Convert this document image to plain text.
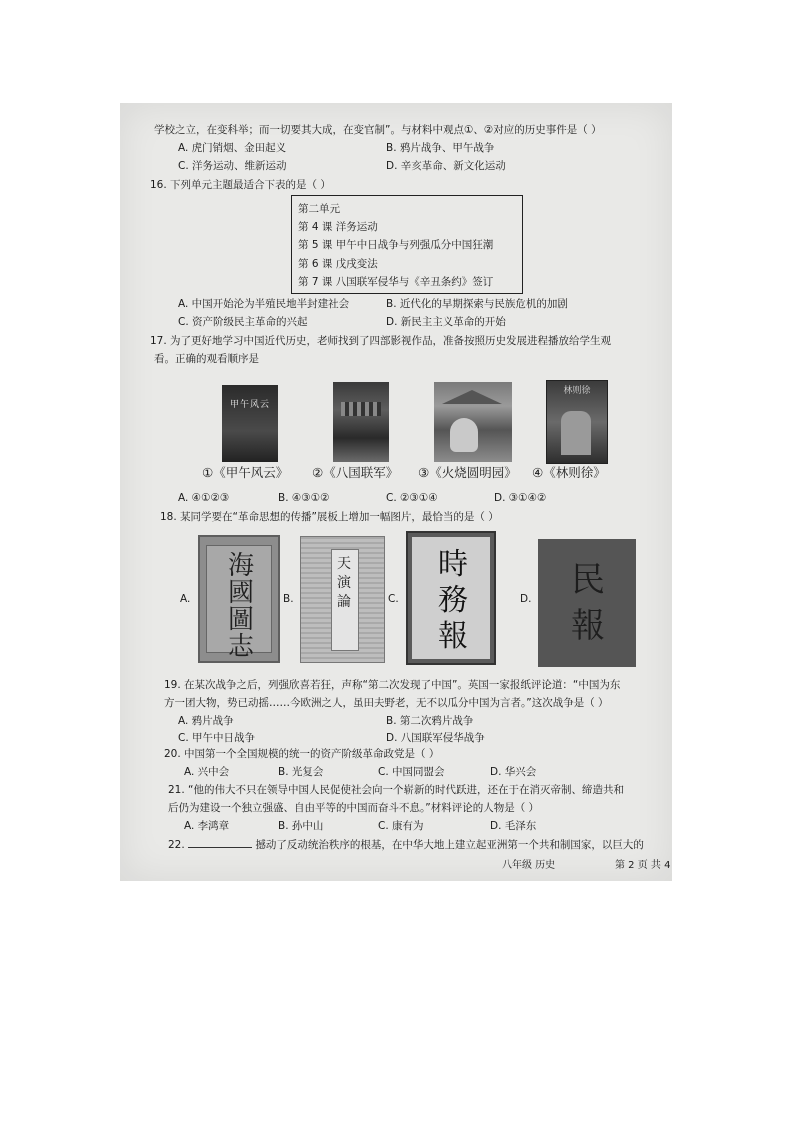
学校之立，在变科举；而一切要其大成，在变官制”。与材料中观点①、②对应的历史事件是（ ）
A. 虎门销烟、金田起义	B. 鸦片战争、甲午战争
C. 洋务运动、维新运动	D. 辛亥革命、新文化运动
16. 下列单元主题最适合下表的是（ ）
第二单元
第 4 课 洋务运动
第 5 课 甲午中日战争与列强瓜分中国狂潮
第 6 课 戊戌变法
第 7 课 八国联军侵华与《辛丑条约》签订
A. 中国开始沦为半殖民地半封建社会	B. 近代化的早期探索与民族危机的加剧
C. 资产阶级民主革命的兴起	D. 新民主主义革命的开始
17. 为了更好地学习中国近代历史，老师找到了四部影视作品，准备按照历史发展进程播放给学生观
看。正确的观看顺序是
甲午风云
林则徐
①《甲午风云》 ②《八国联军》 ③《火烧圆明园》 ④《林则徐》
A. ④①②③	B. ④③①②	C. ②③①④	D. ③①④②
18. 某同学要在“革命思想的传播”展板上增加一幅图片，最恰当的是（ ）
A.
海國圖志
B.
天演論	C.
時務報
D. 民報
19. 在某次战争之后，列强欣喜若狂，声称“第二次发现了中国”。英国一家报纸评论道：“中国为东
方一团大物，势已动摇……今欧洲之人，虽田夫野老，无不以瓜分中国为言者。”这次战争是（ ）
A. 鸦片战争	B. 第二次鸦片战争
C. 甲午中日战争	D. 八国联军侵华战争
20. 中国第一个全国规模的统一的资产阶级革命政党是（ ）
A. 兴中会	B. 光复会	C. 中国同盟会	D. 华兴会
21. “他的伟大不只在领导中国人民促使社会向一个崭新的时代跃进，还在于在消灭帝制、缔造共和
后仍为建设一个独立强盛、自由平等的中国而奋斗不息。”材料评论的人物是（ ）
A. 李鸿章	B. 孙中山	C. 康有为	D. 毛泽东
22.	撼动了反动统治秩序的根基，在中华大地上建立起亚洲第一个共和制国家，以巨大的
八年级 历史	第 2 页 共 4
